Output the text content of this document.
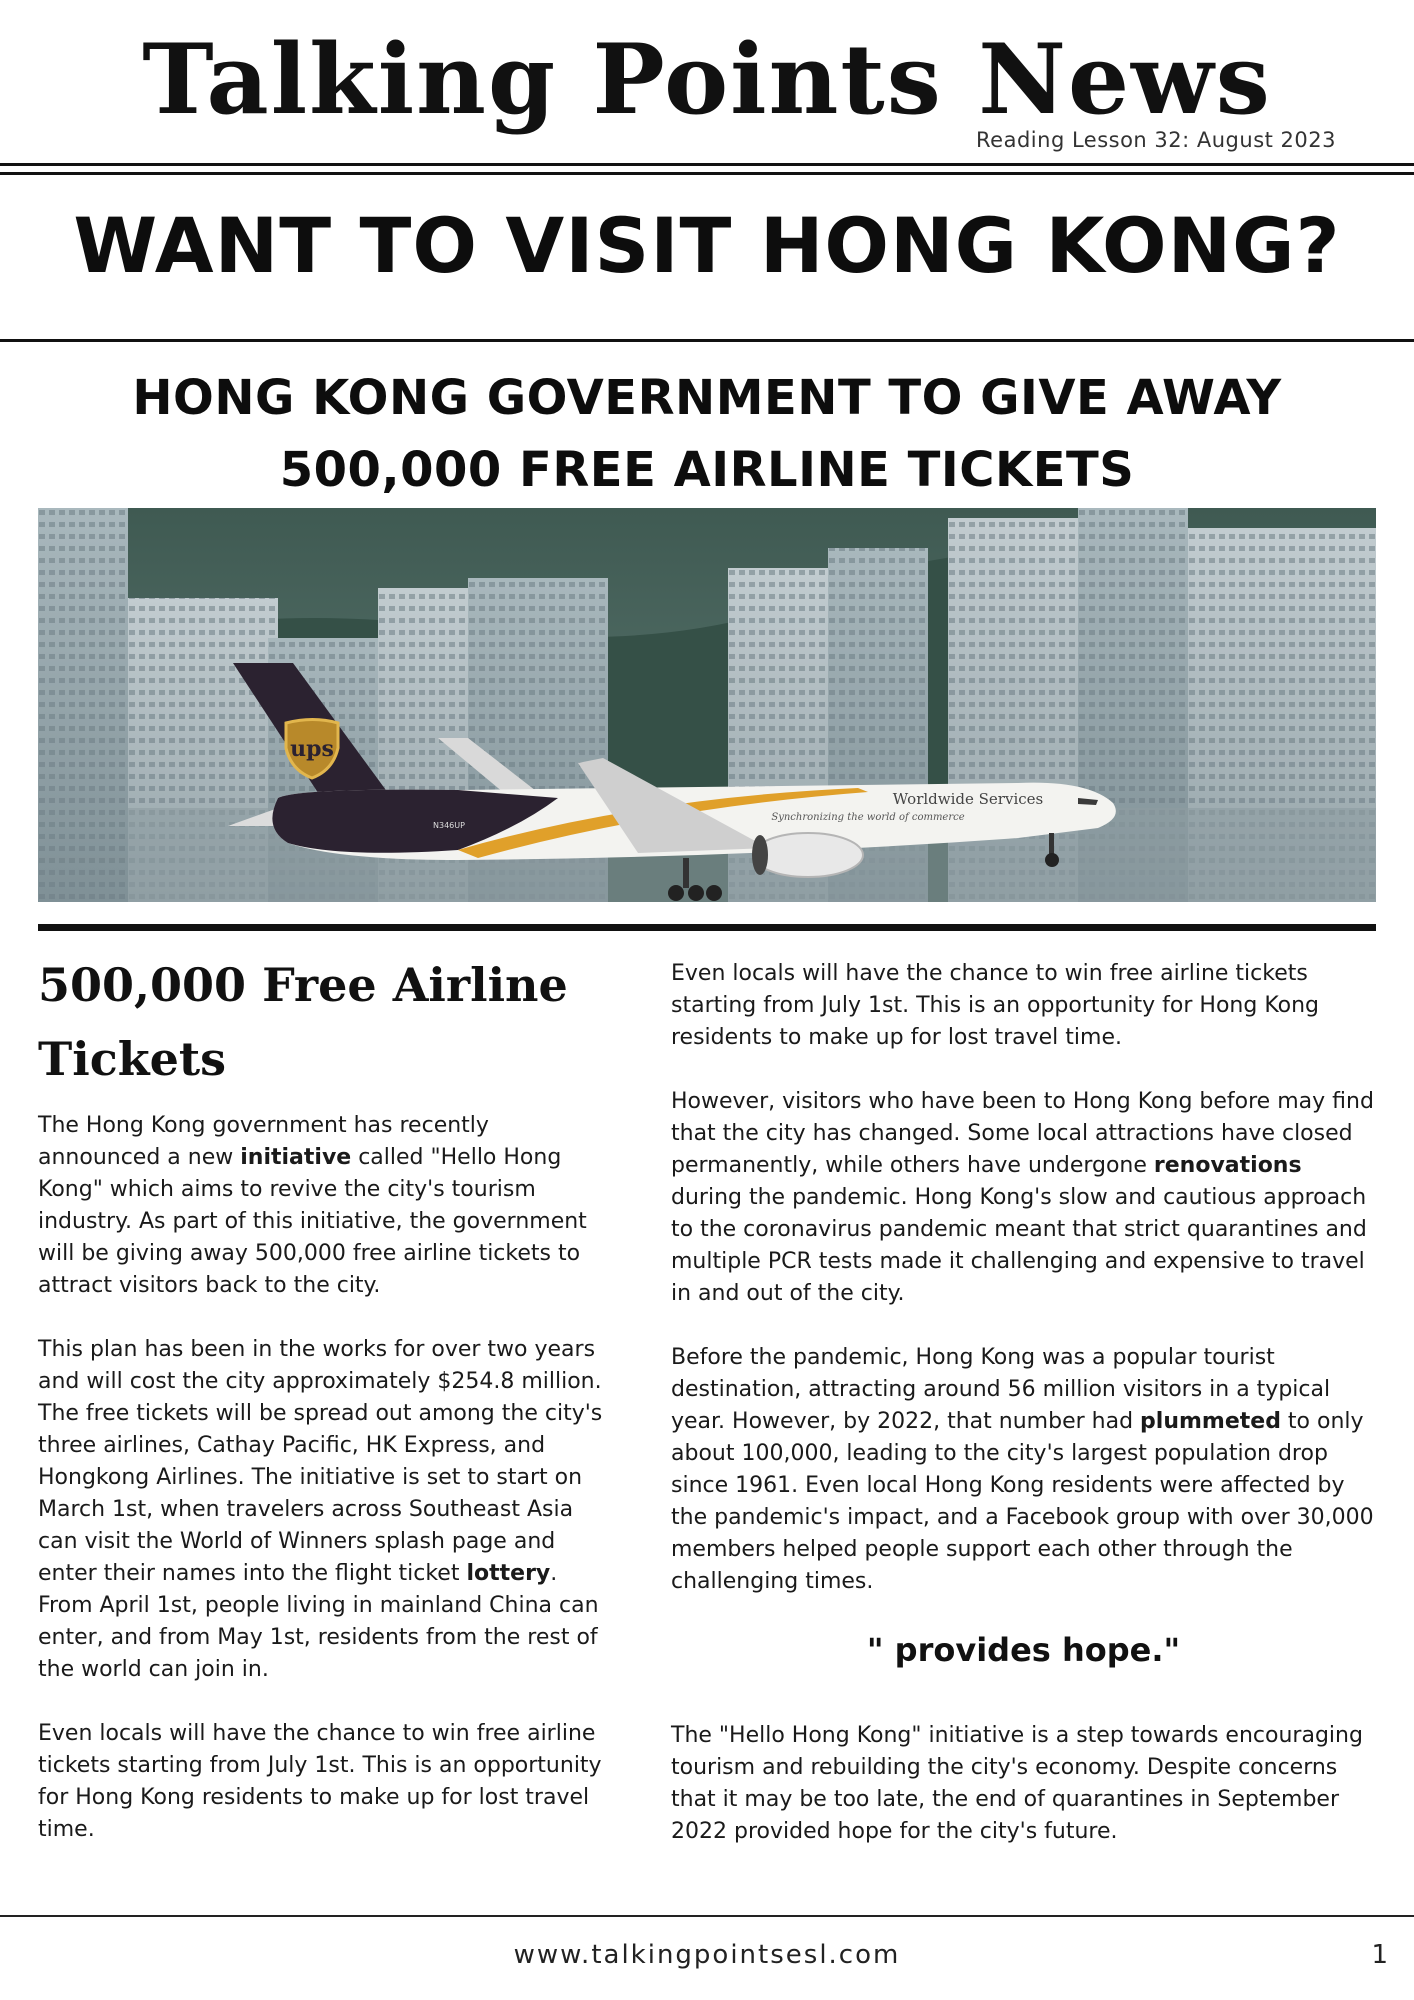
Talking Points News
Reading Lesson 32: August 2023
WANT TO VISIT HONG KONG?
HONG KONG GOVERNMENT TO GIVE AWAY
500,000 FREE AIRLINE TICKETS
ups
Worldwide Services
Synchronizing the world of commerce
N346UP
500,000 Free Airline Tickets

The Hong Kong government has recently announced a new initiative called "Hello Hong Kong" which aims to revive the city's tourism industry. As part of this initiative, the government will be giving away 500,000 free airline tickets to attract visitors back to the city.

This plan has been in the works for over two years and will cost the city approximately $254.8 million. The free tickets will be spread out among the city's three airlines, Cathay Pacific, HK Express, and Hongkong Airlines. The initiative is set to start on March 1st, when travelers across Southeast Asia can visit the World of Winners splash page and enter their names into the flight ticket lottery. From April 1st, people living in mainland China can enter, and from May 1st, residents from the rest of the world can join in.

Even locals will have the chance to win free airline tickets starting from July 1st. This is an opportunity for Hong Kong residents to make up for lost travel time.

Even locals will have the chance to win free airline tickets starting from July 1st. This is an opportunity for Hong Kong residents to make up for lost travel time.

However, visitors who have been to Hong Kong before may find that the city has changed. Some local attractions have closed permanently, while others have undergone renovations during the pandemic. Hong Kong's slow and cautious approach to the coronavirus pandemic meant that strict quarantines and multiple PCR tests made it challenging and expensive to travel in and out of the city.

Before the pandemic, Hong Kong was a popular tourist destination, attracting around 56 million visitors in a typical year. However, by 2022, that number had plummeted to only about 100,000, leading to the city's largest population drop since 1961. Even local Hong Kong residents were affected by the pandemic's impact, and a Facebook group with over 30,000 members helped people support each other through the challenging times.

" provides hope."

The "Hello Hong Kong" initiative is a step towards encouraging tourism and rebuilding the city's economy. Despite concerns that it may be too late, the end of quarantines in September 2022 provided hope for the city's future.

www.talkingpointsesl.com	1
